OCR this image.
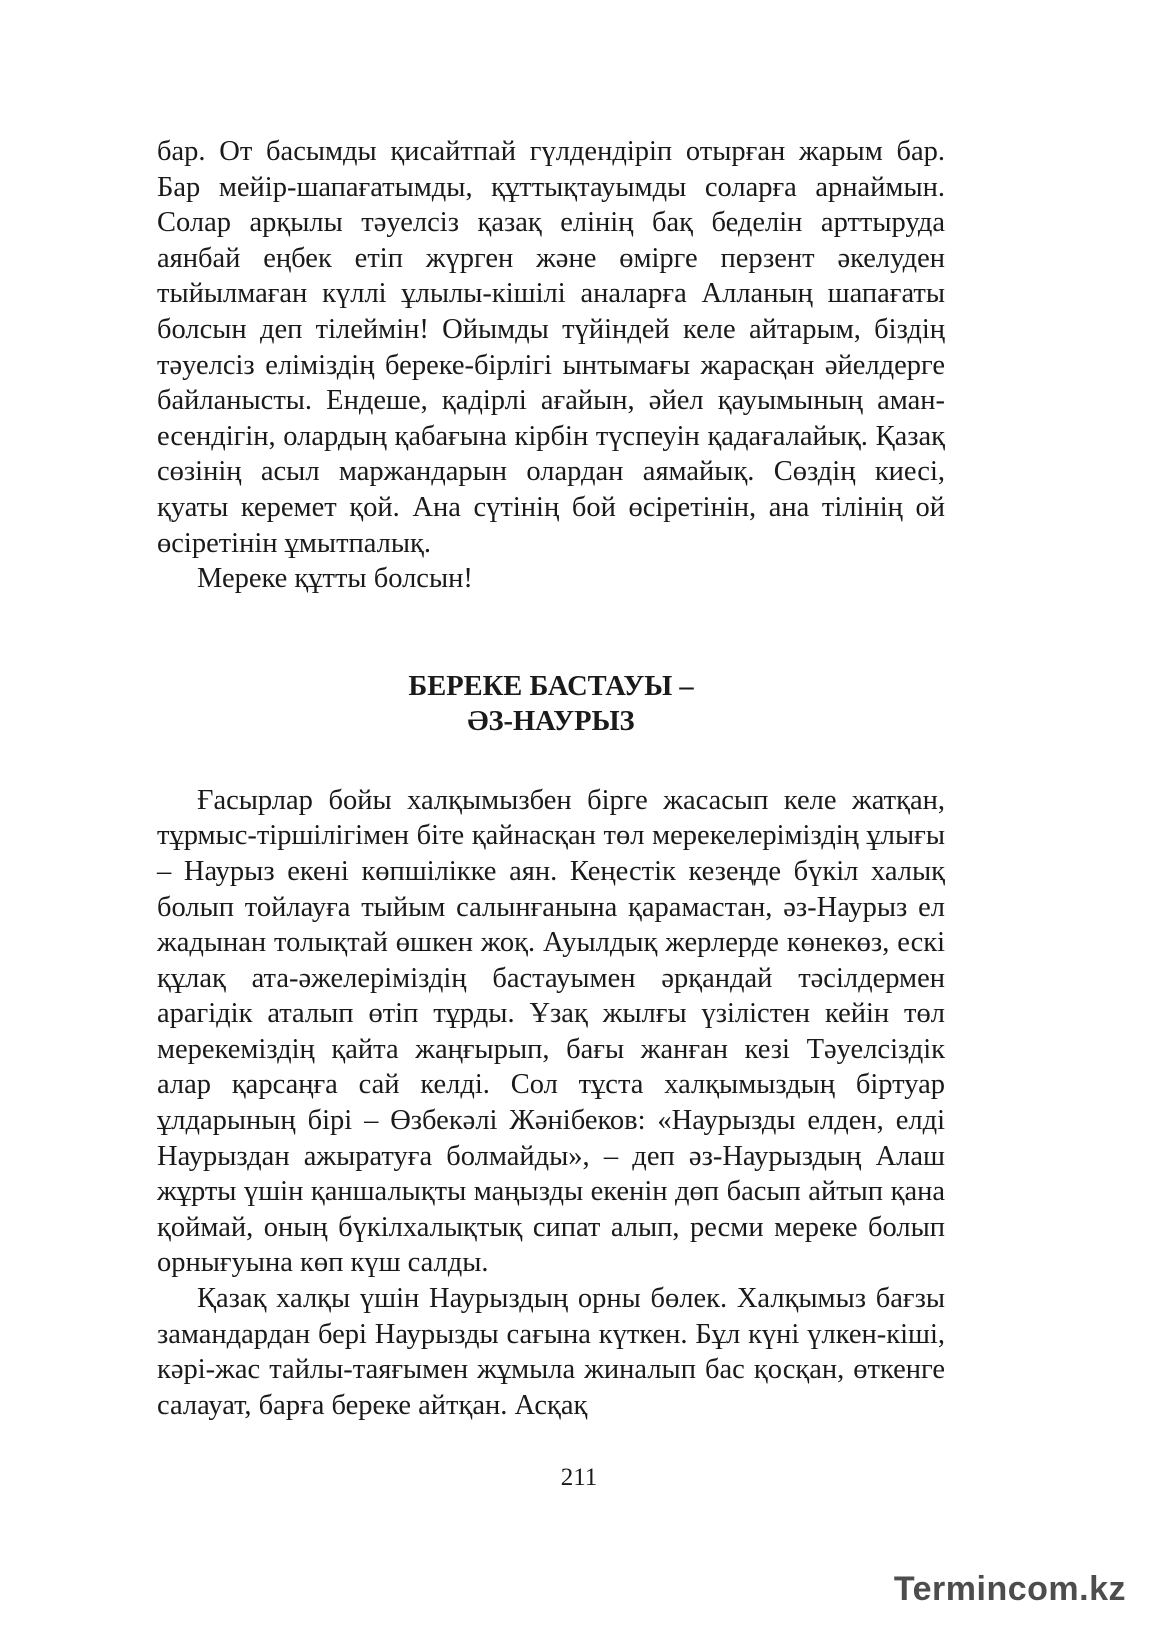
бар. От басымды қисайтпай гүлдендіріп отырған жарым бар. Бар мейір-шапағатымды, құттықтауымды соларға арнаймын. Солар арқылы тәуелсіз қазақ елінің бақ беделін арттыруда аянбай еңбек етіп жүрген және өмірге перзент әкелуден тыйылмаған күллі ұлылы-кішілі аналарға Алланың шапағаты болсын деп тілеймін! Ойымды түйіндей келе айтарым, біздің тәуелсіз еліміздің береке-бірлігі ынтымағы жарасқан әйелдерге байланысты. Ендеше, қадірлі ағайын, әйел қауымының аман-есендігін, олардың қабағына кірбін түспеуін қадағалайық. Қазақ сөзінің асыл маржандарын олардан аямайық. Сөздің киесі, қуаты керемет қой. Ана сүтінің бой өсіретінін, ана тілінің ой өсіретінін ұмытпалық.

Мереке құтты болсын!

БЕРЕКЕ БАСТАУЫ –
ӘЗ-НАУРЫЗ

Ғасырлар бойы халқымызбен бірге жасасып келе жатқан, тұрмыс-тіршілігімен біте қайнасқан төл мерекелеріміздің ұлығы – Наурыз екені көпшілікке аян. Кеңестік кезеңде бүкіл халық болып тойлауға тыйым салынғанына қарамастан, әз-Наурыз ел жадынан толықтай өшкен жоқ. Ауылдық жерлерде көнекөз, ескі құлақ ата-әжелеріміздің бастауымен әрқандай тәсілдермен арагідік аталып өтіп тұрды. Ұзақ жылғы үзілістен кейін төл мерекеміздің қайта жаңғырып, бағы жанған кезі Тәуелсіздік алар қарсаңға сай келді. Сол тұста халқымыздың біртуар ұлдарының бірі – Өзбекәлі Жәнібеков: «Наурызды елден, елді Наурыздан ажыратуға болмайды», – деп әз-Наурыздың Алаш жұрты үшін қаншалықты маңызды екенін дөп басып айтып қана қоймай, оның бүкілхалықтық сипат алып, ресми мереке болып орнығуына көп күш салды.

Қазақ халқы үшін Наурыздың орны бөлек. Халқымыз бағзы замандардан бері Наурызды сағына күткен. Бұл күні үлкен-кіші, кәрі-жас тайлы-таяғымен жұмыла жиналып бас қосқан, өткенге салауат, барға береке айтқан. Асқақ

211
Termincom.kz
